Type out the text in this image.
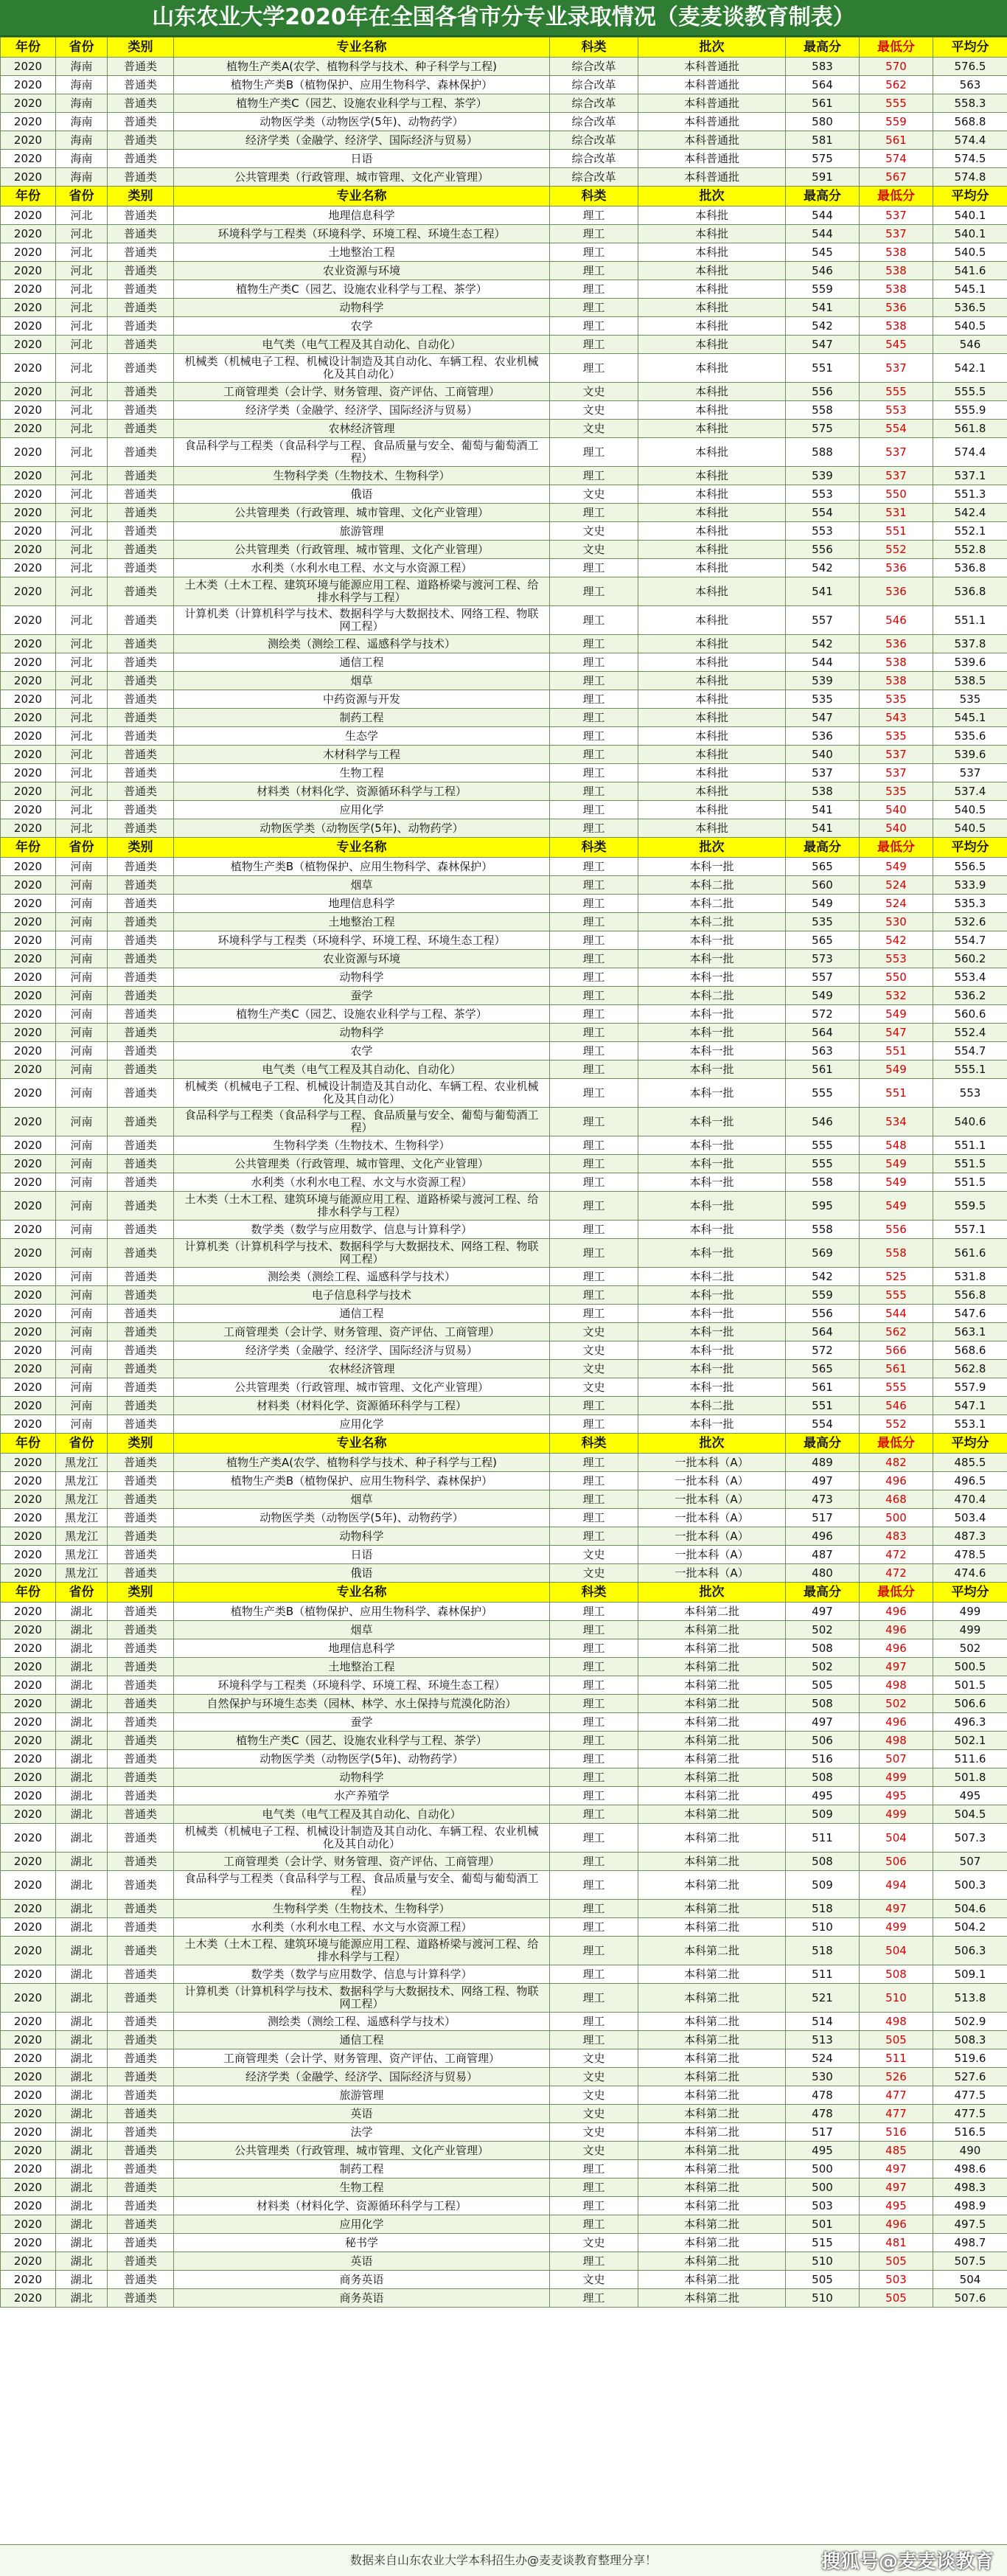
山东农业大学2020年在全国各省市分专业录取情况（麦麦谈教育制表）
年份	省份	类别	专业名称	科类	批次	最高分	最低分	平均分
2020	海南	普通类	植物生产类A(农学、植物科学与技术、种子科学与工程)	综合改革	本科普通批	583	570	576.5
2020	海南	普通类	植物生产类B（植物保护、应用生物科学、森林保护）	综合改革	本科普通批	564	562	563
2020	海南	普通类	植物生产类C（园艺、设施农业科学与工程、茶学）	综合改革	本科普通批	561	555	558.3
2020	海南	普通类	动物医学类（动物医学(5年)、动物药学）	综合改革	本科普通批	580	559	568.8
2020	海南	普通类	经济学类（金融学、经济学、国际经济与贸易）	综合改革	本科普通批	581	561	574.4
2020	海南	普通类	日语	综合改革	本科普通批	575	574	574.5
2020	海南	普通类	公共管理类（行政管理、城市管理、文化产业管理）	综合改革	本科普通批	591	567	574.8
年份	省份	类别	专业名称	科类	批次	最高分	最低分	平均分
2020	河北	普通类	地理信息科学	理工	本科批	544	537	540.1
2020	河北	普通类	环境科学与工程类（环境科学、环境工程、环境生态工程）	理工	本科批	544	537	540.1
2020	河北	普通类	土地整治工程	理工	本科批	545	538	540.5
2020	河北	普通类	农业资源与环境	理工	本科批	546	538	541.6
2020	河北	普通类	植物生产类C（园艺、设施农业科学与工程、茶学）	理工	本科批	559	538	545.1
2020	河北	普通类	动物科学	理工	本科批	541	536	536.5
2020	河北	普通类	农学	理工	本科批	542	538	540.5
2020	河北	普通类	电气类（电气工程及其自动化、自动化）	理工	本科批	547	545	546
2020	河北	普通类	机械类（机械电子工程、机械设计制造及其自动化、车辆工程、农业机械化及其自动化）	理工	本科批	551	537	542.1
2020	河北	普通类	工商管理类（会计学、财务管理、资产评估、工商管理）	文史	本科批	556	555	555.5
2020	河北	普通类	经济学类（金融学、经济学、国际经济与贸易）	文史	本科批	558	553	555.9
2020	河北	普通类	农林经济管理	文史	本科批	575	554	561.8
2020	河北	普通类	食品科学与工程类（食品科学与工程、食品质量与安全、葡萄与葡萄酒工程）	理工	本科批	588	537	574.4
2020	河北	普通类	生物科学类（生物技术、生物科学）	理工	本科批	539	537	537.1
2020	河北	普通类	俄语	文史	本科批	553	550	551.3
2020	河北	普通类	公共管理类（行政管理、城市管理、文化产业管理）	理工	本科批	554	531	542.4
2020	河北	普通类	旅游管理	文史	本科批	553	551	552.1
2020	河北	普通类	公共管理类（行政管理、城市管理、文化产业管理）	文史	本科批	556	552	552.8
2020	河北	普通类	水利类（水利水电工程、水文与水资源工程）	理工	本科批	542	536	536.8
2020	河北	普通类	土木类（土木工程、建筑环境与能源应用工程、道路桥梁与渡河工程、给排水科学与工程）	理工	本科批	541	536	536.8
2020	河北	普通类	计算机类（计算机科学与技术、数据科学与大数据技术、网络工程、物联网工程）	理工	本科批	557	546	551.1
2020	河北	普通类	测绘类（测绘工程、遥感科学与技术）	理工	本科批	542	536	537.8
2020	河北	普通类	通信工程	理工	本科批	544	538	539.6
2020	河北	普通类	烟草	理工	本科批	539	538	538.5
2020	河北	普通类	中药资源与开发	理工	本科批	535	535	535
2020	河北	普通类	制药工程	理工	本科批	547	543	545.1
2020	河北	普通类	生态学	理工	本科批	536	535	535.6
2020	河北	普通类	木材科学与工程	理工	本科批	540	537	539.6
2020	河北	普通类	生物工程	理工	本科批	537	537	537
2020	河北	普通类	材料类（材料化学、资源循环科学与工程）	理工	本科批	538	535	537.4
2020	河北	普通类	应用化学	理工	本科批	541	540	540.5
2020	河北	普通类	动物医学类（动物医学(5年)、动物药学）	理工	本科批	541	540	540.5
年份	省份	类别	专业名称	科类	批次	最高分	最低分	平均分
2020	河南	普通类	植物生产类B（植物保护、应用生物科学、森林保护）	理工	本科一批	565	549	556.5
2020	河南	普通类	烟草	理工	本科二批	560	524	533.9
2020	河南	普通类	地理信息科学	理工	本科二批	549	524	535.3
2020	河南	普通类	土地整治工程	理工	本科二批	535	530	532.6
2020	河南	普通类	环境科学与工程类（环境科学、环境工程、环境生态工程）	理工	本科一批	565	542	554.7
2020	河南	普通类	农业资源与环境	理工	本科一批	573	553	560.2
2020	河南	普通类	动物科学	理工	本科一批	557	550	553.4
2020	河南	普通类	蚕学	理工	本科二批	549	532	536.2
2020	河南	普通类	植物生产类C（园艺、设施农业科学与工程、茶学）	理工	本科一批	572	549	560.6
2020	河南	普通类	动物科学	理工	本科一批	564	547	552.4
2020	河南	普通类	农学	理工	本科一批	563	551	554.7
2020	河南	普通类	电气类（电气工程及其自动化、自动化）	理工	本科一批	561	549	555.1
2020	河南	普通类	机械类（机械电子工程、机械设计制造及其自动化、车辆工程、农业机械化及其自动化）	理工	本科一批	555	551	553
2020	河南	普通类	食品科学与工程类（食品科学与工程、食品质量与安全、葡萄与葡萄酒工程）	理工	本科一批	546	534	540.6
2020	河南	普通类	生物科学类（生物技术、生物科学）	理工	本科一批	555	548	551.1
2020	河南	普通类	公共管理类（行政管理、城市管理、文化产业管理）	理工	本科一批	555	549	551.5
2020	河南	普通类	水利类（水利水电工程、水文与水资源工程）	理工	本科一批	558	549	551.5
2020	河南	普通类	土木类（土木工程、建筑环境与能源应用工程、道路桥梁与渡河工程、给排水科学与工程）	理工	本科一批	595	549	559.5
2020	河南	普通类	数学类（数学与应用数学、信息与计算科学）	理工	本科一批	558	556	557.1
2020	河南	普通类	计算机类（计算机科学与技术、数据科学与大数据技术、网络工程、物联网工程）	理工	本科一批	569	558	561.6
2020	河南	普通类	测绘类（测绘工程、遥感科学与技术）	理工	本科二批	542	525	531.8
2020	河南	普通类	电子信息科学与技术	理工	本科一批	559	555	556.8
2020	河南	普通类	通信工程	理工	本科一批	556	544	547.6
2020	河南	普通类	工商管理类（会计学、财务管理、资产评估、工商管理）	文史	本科一批	564	562	563.1
2020	河南	普通类	经济学类（金融学、经济学、国际经济与贸易）	文史	本科一批	572	566	568.6
2020	河南	普通类	农林经济管理	文史	本科一批	565	561	562.8
2020	河南	普通类	公共管理类（行政管理、城市管理、文化产业管理）	文史	本科一批	561	555	557.9
2020	河南	普通类	材料类（材料化学、资源循环科学与工程）	理工	本科二批	551	546	547.1
2020	河南	普通类	应用化学	理工	本科一批	554	552	553.1
年份	省份	类别	专业名称	科类	批次	最高分	最低分	平均分
2020	黑龙江	普通类	植物生产类A(农学、植物科学与技术、种子科学与工程)	理工	一批本科（A）	489	482	485.5
2020	黑龙江	普通类	植物生产类B（植物保护、应用生物科学、森林保护）	理工	一批本科（A）	497	496	496.5
2020	黑龙江	普通类	烟草	理工	一批本科（A）	473	468	470.4
2020	黑龙江	普通类	动物医学类（动物医学(5年)、动物药学）	理工	一批本科（A）	517	500	503.4
2020	黑龙江	普通类	动物科学	理工	一批本科（A）	496	483	487.3
2020	黑龙江	普通类	日语	文史	一批本科（A）	487	472	478.5
2020	黑龙江	普通类	俄语	文史	一批本科（A）	480	472	474.6
年份	省份	类别	专业名称	科类	批次	最高分	最低分	平均分
2020	湖北	普通类	植物生产类B（植物保护、应用生物科学、森林保护）	理工	本科第二批	497	496	499
2020	湖北	普通类	烟草	理工	本科第二批	502	496	499
2020	湖北	普通类	地理信息科学	理工	本科第二批	508	496	502
2020	湖北	普通类	土地整治工程	理工	本科第二批	502	497	500.5
2020	湖北	普通类	环境科学与工程类（环境科学、环境工程、环境生态工程）	理工	本科第二批	505	498	501.5
2020	湖北	普通类	自然保护与环境生态类（园林、林学、水土保持与荒漠化防治）	理工	本科第二批	508	502	506.6
2020	湖北	普通类	蚕学	理工	本科第二批	497	496	496.3
2020	湖北	普通类	植物生产类C（园艺、设施农业科学与工程、茶学）	理工	本科第二批	506	498	502.1
2020	湖北	普通类	动物医学类（动物医学(5年)、动物药学）	理工	本科第二批	516	507	511.6
2020	湖北	普通类	动物科学	理工	本科第二批	508	499	501.8
2020	湖北	普通类	水产养殖学	理工	本科第二批	495	495	495
2020	湖北	普通类	电气类（电气工程及其自动化、自动化）	理工	本科第二批	509	499	504.5
2020	湖北	普通类	机械类（机械电子工程、机械设计制造及其自动化、车辆工程、农业机械化及其自动化）	理工	本科第二批	511	504	507.3
2020	湖北	普通类	工商管理类（会计学、财务管理、资产评估、工商管理）	理工	本科第二批	508	506	507
2020	湖北	普通类	食品科学与工程类（食品科学与工程、食品质量与安全、葡萄与葡萄酒工程）	理工	本科第二批	509	494	500.3
2020	湖北	普通类	生物科学类（生物技术、生物科学）	理工	本科第二批	518	497	504.6
2020	湖北	普通类	水利类（水利水电工程、水文与水资源工程）	理工	本科第二批	510	499	504.2
2020	湖北	普通类	土木类（土木工程、建筑环境与能源应用工程、道路桥梁与渡河工程、给排水科学与工程）	理工	本科第二批	518	504	506.3
2020	湖北	普通类	数学类（数学与应用数学、信息与计算科学）	理工	本科第二批	511	508	509.1
2020	湖北	普通类	计算机类（计算机科学与技术、数据科学与大数据技术、网络工程、物联网工程）	理工	本科第二批	521	510	513.8
2020	湖北	普通类	测绘类（测绘工程、遥感科学与技术）	理工	本科第二批	514	498	502.9
2020	湖北	普通类	通信工程	理工	本科第二批	513	505	508.3
2020	湖北	普通类	工商管理类（会计学、财务管理、资产评估、工商管理）	文史	本科第二批	524	511	519.6
2020	湖北	普通类	经济学类（金融学、经济学、国际经济与贸易）	文史	本科第二批	530	526	527.6
2020	湖北	普通类	旅游管理	文史	本科第二批	478	477	477.5
2020	湖北	普通类	英语	文史	本科第二批	478	477	477.5
2020	湖北	普通类	法学	文史	本科第二批	517	516	516.5
2020	湖北	普通类	公共管理类（行政管理、城市管理、文化产业管理）	文史	本科第二批	495	485	490
2020	湖北	普通类	制药工程	理工	本科第二批	500	497	498.6
2020	湖北	普通类	生物工程	理工	本科第二批	500	497	498.3
2020	湖北	普通类	材料类（材料化学、资源循环科学与工程）	理工	本科第二批	503	495	498.9
2020	湖北	普通类	应用化学	理工	本科第二批	501	496	497.5
2020	湖北	普通类	秘书学	文史	本科第二批	515	481	498.7
2020	湖北	普通类	英语	理工	本科第二批	510	505	507.5
2020	湖北	普通类	商务英语	文史	本科第二批	505	503	504
2020	湖北	普通类	商务英语	理工	本科第二批	510	505	507.6
数据来自山东农业大学本科招生办@麦麦谈教育整理分享！	搜狐号@麦麦谈教育
